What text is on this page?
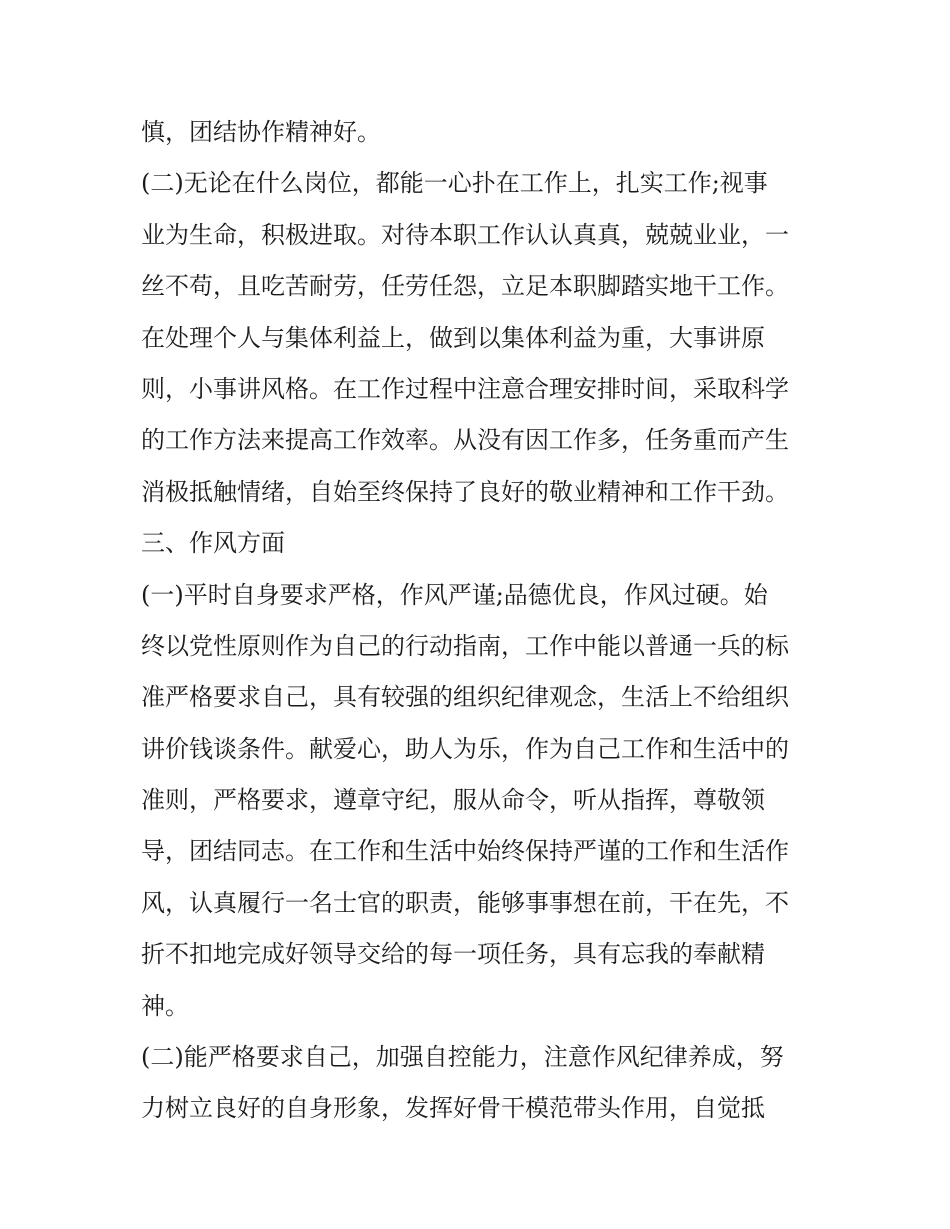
慎，团结协作精神好。
(二)无论在什么岗位，都能一心扑在工作上，扎实工作;视事
业为生命，积极进取。对待本职工作认认真真，兢兢业业，一
丝不苟，且吃苦耐劳，任劳任怨，立足本职脚踏实地干工作。
在处理个人与集体利益上，做到以集体利益为重，大事讲原
则，小事讲风格。在工作过程中注意合理安排时间，采取科学
的工作方法来提高工作效率。从没有因工作多，任务重而产生
消极抵触情绪，自始至终保持了良好的敬业精神和工作干劲。
三、作风方面
(一)平时自身要求严格，作风严谨;品德优良，作风过硬。始
终以党性原则作为自己的行动指南，工作中能以普通一兵的标
准严格要求自己，具有较强的组织纪律观念，生活上不给组织
讲价钱谈条件。献爱心，助人为乐，作为自己工作和生活中的
准则，严格要求，遵章守纪，服从命令，听从指挥，尊敬领
导，团结同志。在工作和生活中始终保持严谨的工作和生活作
风，认真履行一名士官的职责，能够事事想在前，干在先，不
折不扣地完成好领导交给的每一项任务，具有忘我的奉献精
神。
(二)能严格要求自己，加强自控能力，注意作风纪律养成，努
力树立良好的自身形象，发挥好骨干模范带头作用，自觉抵
